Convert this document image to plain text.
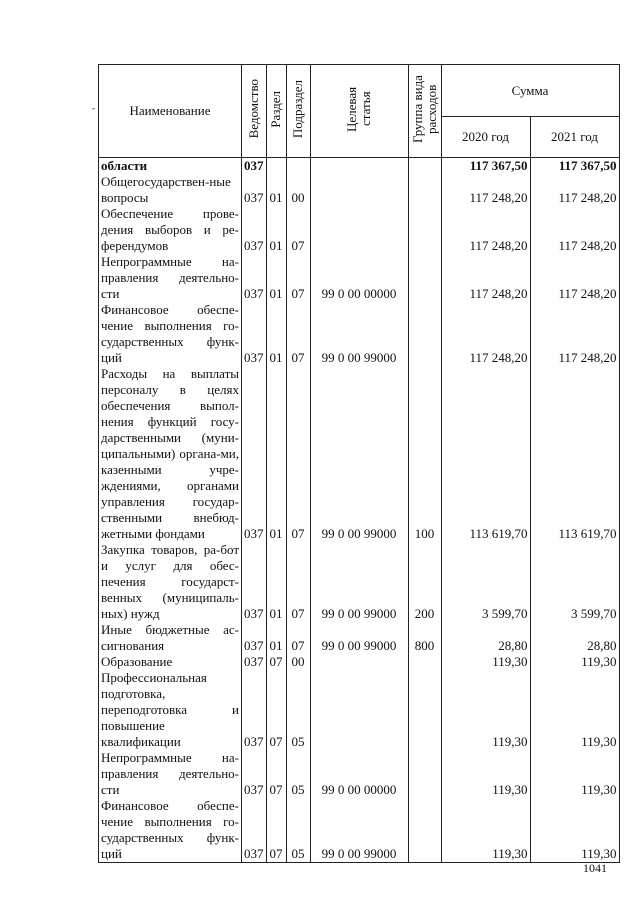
-	Наименование	Ведомство	Раздел	Подраздел	Целевая статья	Группа вида расходов	Сумма	
						2020 год	2021 год
области	037					117 367,50	117 367,50
Общегосударствен-ные вопросы	037	01	00			117 248,20	117 248,20
Обеспечение прове-дения выборов и ре-ферендумов	037	01	07			117 248,20	117 248,20
Непрограммные на-правления деятельно-сти	037	01	07	99 0 00 00000		117 248,20	117 248,20
Финансовое обеспе-чение выполнения го-сударственных функ-ций	037	01	07	99 0 00 99000		117 248,20	117 248,20
Расходы на выплаты персоналу в целях обеспечения выпол-нения функций госу-дарственными (муни-ципальными) органа-ми, казенными учре-ждениями, органами управления государ-ственными внебюд-жетными фондами	037	01	07	99 0 00 99000	100	113 619,70	113 619,70
Закупка товаров, ра-бот и услуг для обес-печения государст-венных (муниципаль-ных) нужд	037	01	07	99 0 00 99000	200	3 599,70	3 599,70
Иные бюджетные ас-сигнования	037	01	07	99 0 00 99000	800	28,80	28,80
Образование	037	07	00			119,30	119,30
Профессиональная подготовка, переподготовка и повышение квалификации	037	07	05			119,30	119,30
Непрограммные на-правления деятельно-сти	037	07	05	99 0 00 00000		119,30	119,30
Финансовое обеспе-чение выполнения го-сударственных функ-ций	037	07	05	99 0 00 99000		119,30	119,30
1041
